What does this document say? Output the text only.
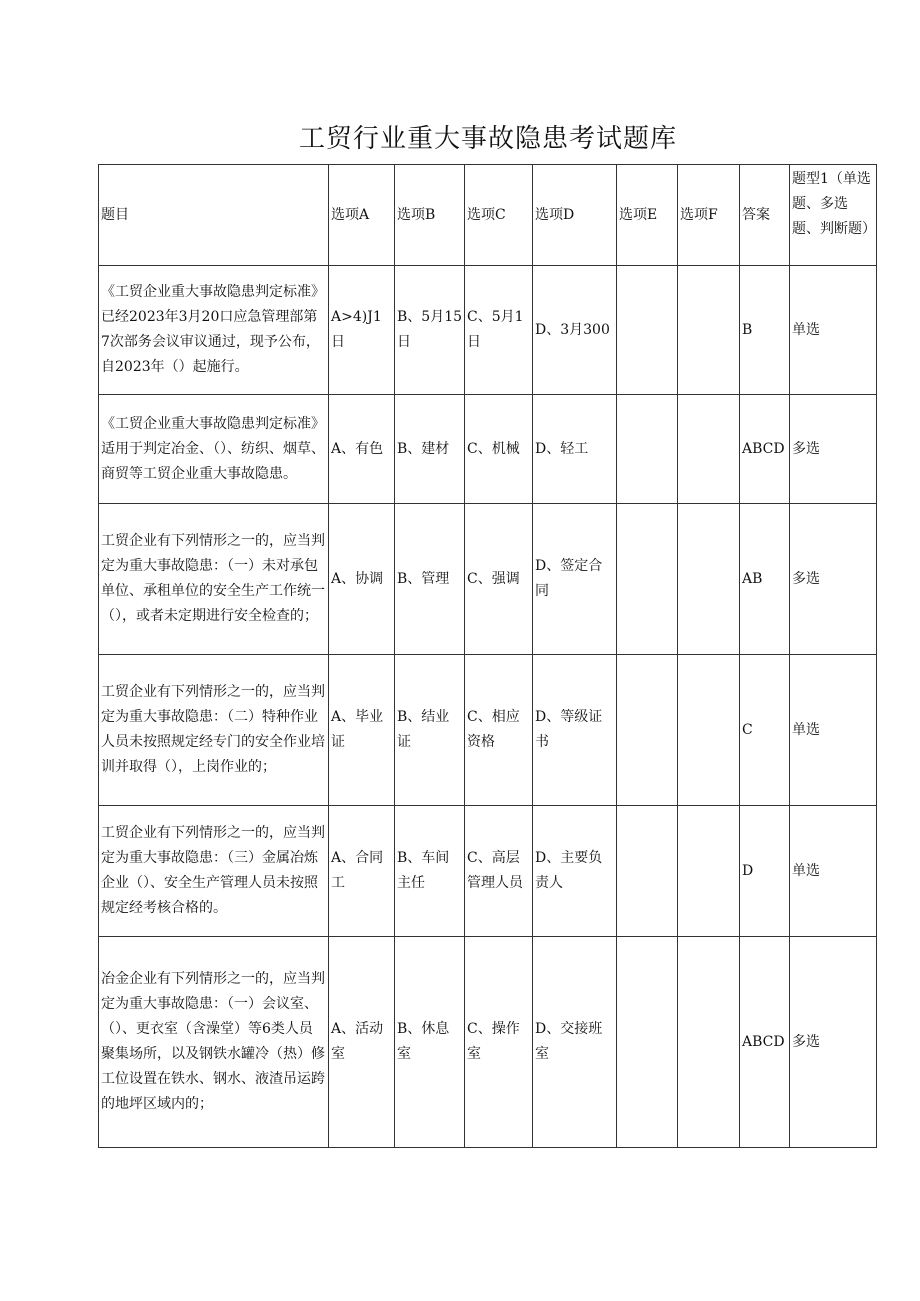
工贸行业重大事故隐患考试题库
题目	选项A	选项B	选项C	选项D	选项E	选项F	答案	题型1（单选题、多选题、判断题）
《工贸企业重大事故隐患判定标准》已经2023年3月20口应急管理部第7次部务会议审议通过，现予公布，自2023年（）起施行。	A>4)J1日	B、5月15日	C、5月1日	D、3月300			B	单选
《工贸企业重大事故隐患判定标准》适用于判定冶金、（）、纺织、烟草、商贸等工贸企业重大事故隐患。	A、有色	B、建材	C、机械	D、轻工			ABCD	多选
工贸企业有下列情形之一的，应当判定为重大事故隐患：（一）未对承包单位、承租单位的安全生产工作统一（），或者未定期进行安全检查的；	A、协调	B、管理	C、强调	D、签定合同			AB	多选
工贸企业有下列情形之一的，应当判定为重大事故隐患：（二）特种作业人员未按照规定经专门的安全作业培训并取得（），上岗作业的；	A、毕业证	B、结业证	C、相应资格	D、等级证书			C	单选
工贸企业有下列情形之一的，应当判定为重大事故隐患：（三）金属冶炼企业（）、安全生产管理人员未按照规定经考核合格的。	A、合同工	B、车间主任	C、高层管理人员	D、主要负责人			D	单选
冶金企业有下列情形之一的，应当判定为重大事故隐患：（一）会议室、（）、更衣室（含澡堂）等6类人员聚集场所，以及钢铁水罐冷（热）修工位设置在铁水、钢水、液渣吊运跨的地坪区域内的；	A、活动室	B、休息室	C、操作室	D、交接班室			ABCD	多选
